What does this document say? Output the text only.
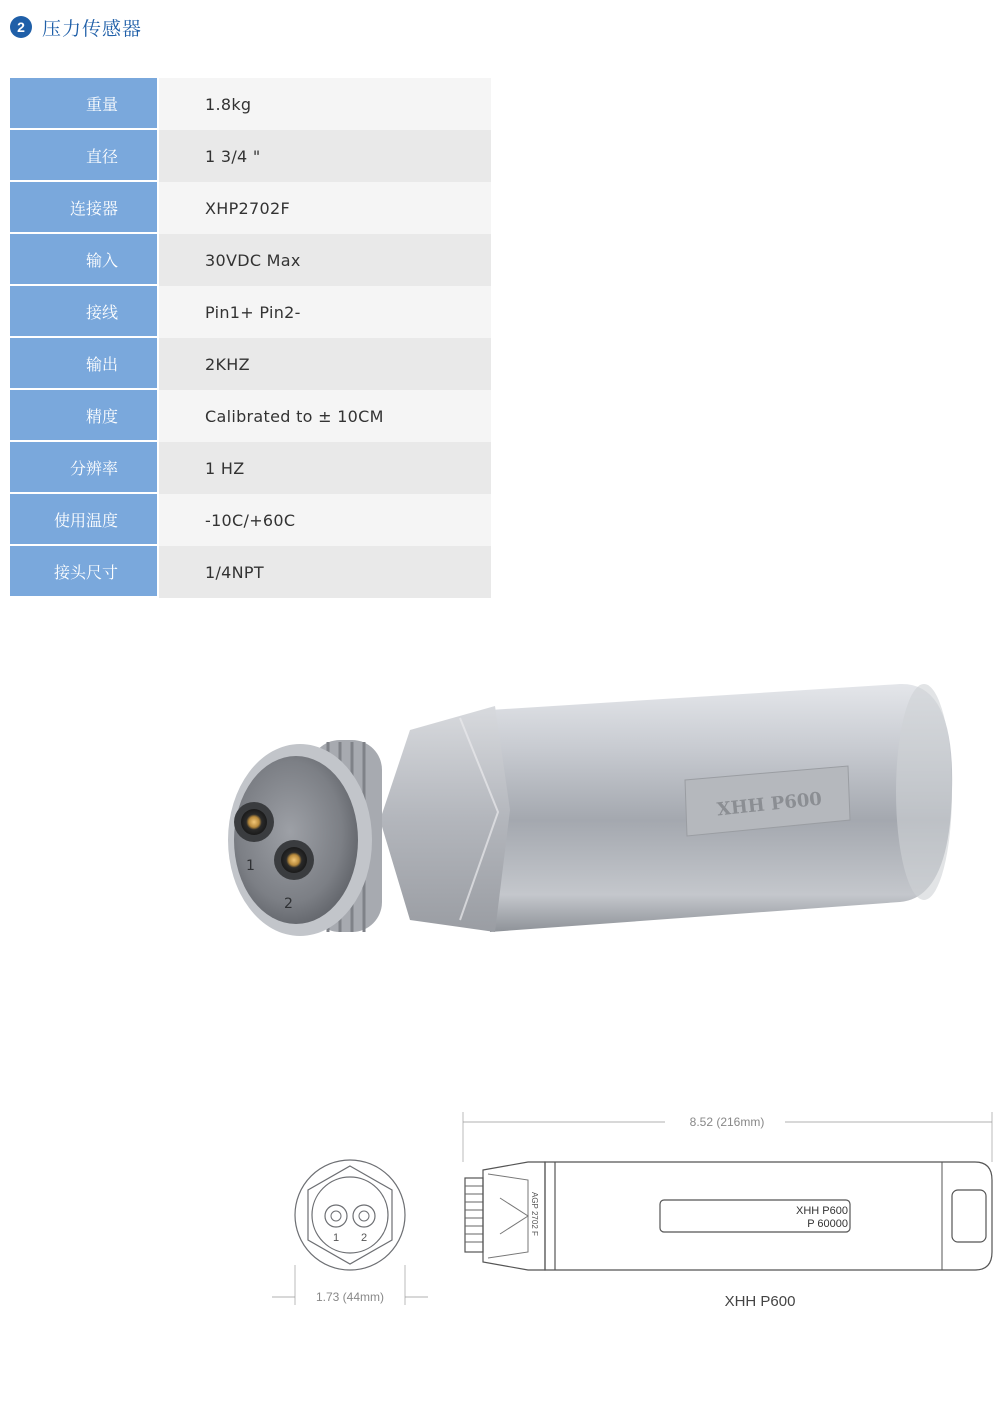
2 压力传感器
重量	1.8kg
直径	1 3/4 "
连接器	XHP2702F
输入	30VDC Max
接线	Pin1+ Pin2-
输出	2KHZ
精度	Calibrated to ± 10CM
分辨率	1 HZ
使用温度	-10C/+60C
接头尺寸	1/4NPT
XHH P600
1
2
1 2
1.73 (44mm)
8.52 (216mm)
AGP 2702 F	XHH P600
P 60000
XHH P600
